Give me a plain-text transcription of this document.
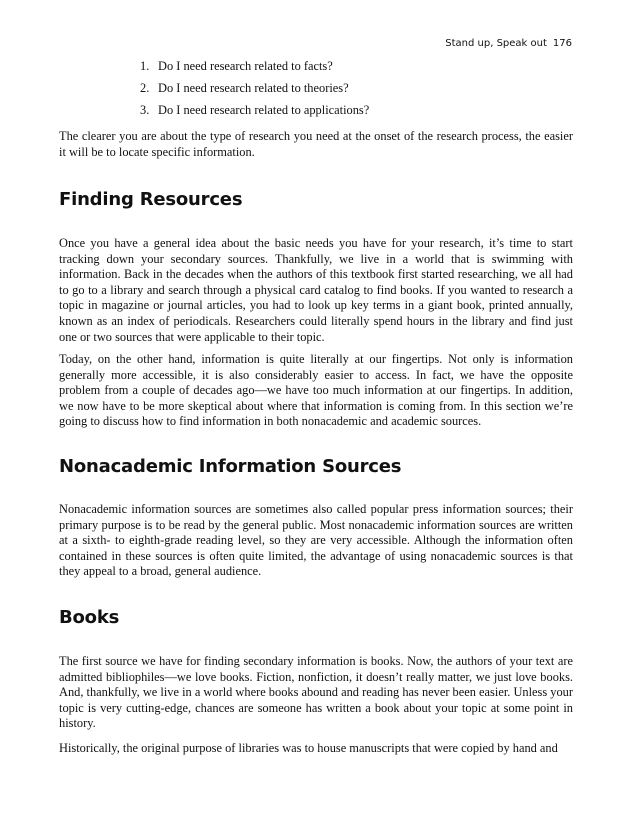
Stand up, Speak out 176
1. Do I need research related to facts?
2. Do I need research related to theories?
3. Do I need research related to applications?

The clearer you are about the type of research you need at the onset of the research process, the easier it will be to locate specific information.

Finding Resources

Once you have a general idea about the basic needs you have for your research, it’s time to start tracking down your secondary sources. Thankfully, we live in a world that is swimming with information. Back in the decades when the authors of this textbook first started researching, we all had to go to a library and search through a physical card catalog to find books. If you wanted to research a topic in magazine or journal articles, you had to look up key terms in a giant book, printed annually, known as an index of periodicals. Researchers could literally spend hours in the library and find just one or two sources that were applicable to their topic.

Today, on the other hand, information is quite literally at our fingertips. Not only is information generally more accessible, it is also considerably easier to access. In fact, we have the opposite problem from a couple of decades ago—we have too much information at our fingertips. In addition, we now have to be more skeptical about where that information is coming from. In this section we’re going to discuss how to find information in both nonacademic and academic sources.

Nonacademic Information Sources

Nonacademic information sources are sometimes also called popular press information sources; their primary purpose is to be read by the general public. Most nonacademic information sources are written at a sixth- to eighth-grade reading level, so they are very accessible. Although the information often contained in these sources is often quite limited, the advantage of using nonacademic sources is that they appeal to a broad, general audience.

Books

The first source we have for finding secondary information is books. Now, the authors of your text are admitted bibliophiles—we love books. Fiction, nonfiction, it doesn’t really matter, we just love books. And, thankfully, we live in a world where books abound and reading has never been easier. Unless your topic is very cutting-edge, chances are someone has written a book about your topic at some point in history.

Historically, the original purpose of libraries was to house manuscripts that were copied by hand and
